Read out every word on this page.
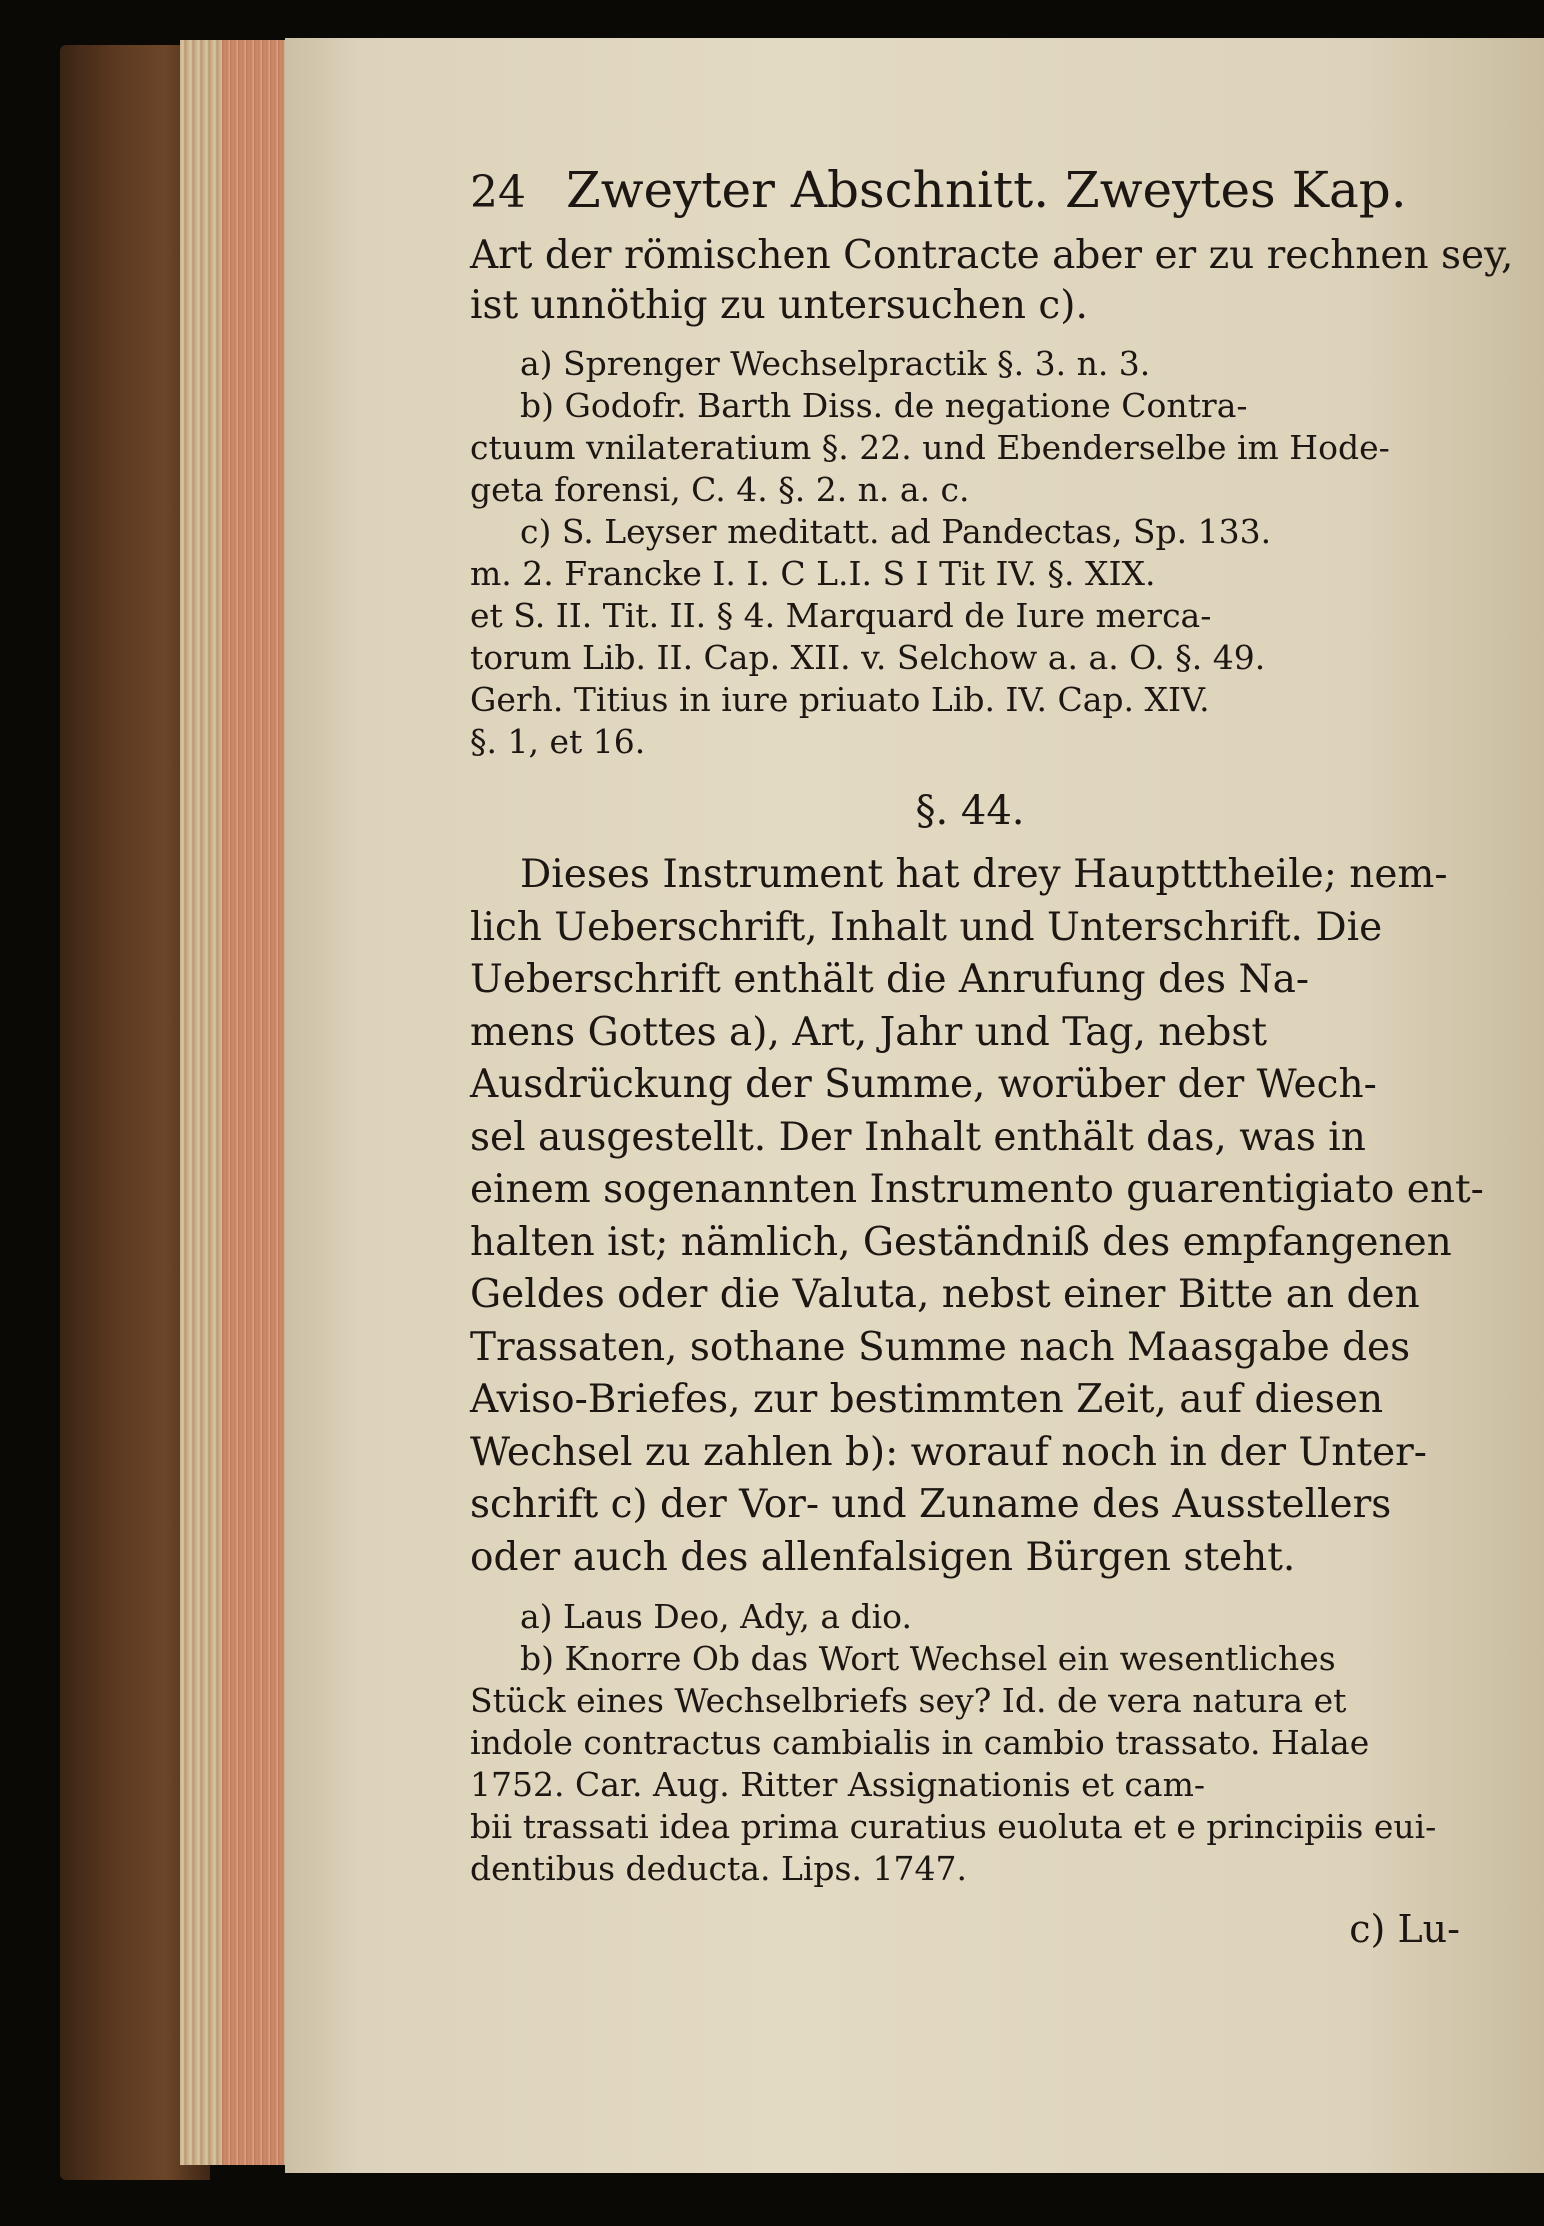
24 Zweyter Abschnitt. Zweytes Kap.
Art der römischen Contracte aber er zu rechnen sey,
ist unnöthig zu untersuchen c).
a) Sprenger Wechselpractik §. 3. n. 3.
b) Godofr. Barth Diss. de negatione Contra-
ctuum vnilateratium §. 22. und Ebenderselbe im Hode-
geta forensi, C. 4. §. 2. n. a. c.
c) S. Leyser meditatt. ad Pandectas, Sp. 133.
m. 2. Francke I. I. C L.I. S I Tit IV. §. XIX.
et S. II. Tit. II. § 4. Marquard de Iure merca-
torum Lib. II. Cap. XII. v. Selchow a. a. O. §. 49.
Gerh. Titius in iure priuato Lib. IV. Cap. XIV.
§. 1, et 16.
§. 44.
Dieses Instrument hat drey Hauptttheile; nem-
lich Ueberschrift, Inhalt und Unterschrift. Die
Ueberschrift enthält die Anrufung des Na-
mens Gottes a), Art, Jahr und Tag, nebst
Ausdrückung der Summe, worüber der Wech-
sel ausgestellt. Der Inhalt enthält das, was in
einem sogenannten Instrumento guarentigiato ent-
halten ist; nämlich, Geständniß des empfangenen
Geldes oder die Valuta, nebst einer Bitte an den
Trassaten, sothane Summe nach Maasgabe des
Aviso-Briefes, zur bestimmten Zeit, auf diesen
Wechsel zu zahlen b): worauf noch in der Unter-
schrift c) der Vor- und Zuname des Ausstellers
oder auch des allenfalsigen Bürgen steht.
a) Laus Deo, Ady, a dio.
b) Knorre Ob das Wort Wechsel ein wesentliches
Stück eines Wechselbriefs sey? Id. de vera natura et
indole contractus cambialis in cambio trassato. Halae
1752. Car. Aug. Ritter Assignationis et cam-
bii trassati idea prima curatius euoluta et e principiis eui-
dentibus deducta. Lips. 1747.
c) Lu-
